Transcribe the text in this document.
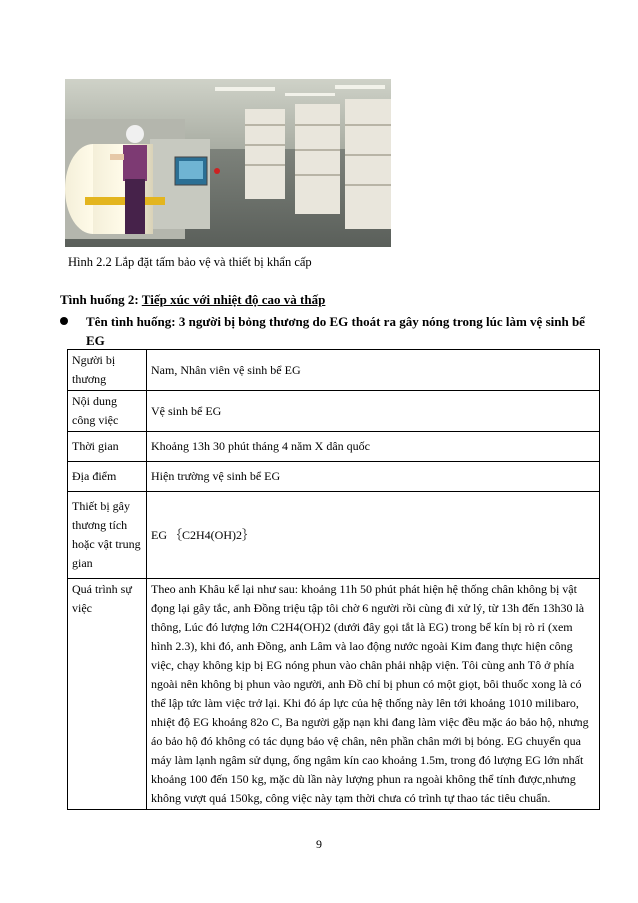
Hình 2.2 Lắp đặt tấm bảo vệ và thiết bị khẩn cấp
Tình huống 2: Tiếp xúc với nhiệt độ cao và thấp
Tên tình huống: 3 người bị bỏng thương do EG thoát ra gây nóng trong lúc làm vệ sinh bể EG
Người bị thương	Nam, Nhân viên vệ sinh bể EG
Nội dung công việc	Vệ sinh bể EG
Thời gian	Khoảng 13h 30 phút tháng 4 năm X dân quốc
Địa điểm	Hiện trường vệ sinh bể EG
Thiết bị gây thương tích hoặc vật trung gian	EG ｛C2H4(OH)2｝
Quá trình sự việc	Theo anh Khâu kể lại như sau: khoảng 11h 50 phút phát hiện hệ thống chân không bị vật đọng lại gây tắc, anh Đồng triệu tập tôi chờ 6 người rồi cùng đi xử lý, từ 13h đến 13h30 là thông, Lúc đó lượng lớn C2H4(OH)2 (dưới đây gọi tắt là EG) trong bể kín bị rò rỉ (xem hình 2.3), khi đó, anh Đồng, anh Lâm và lao động nước ngoài Kim đang thực hiện công việc, chạy không kịp bị EG nóng phun vào chân phải nhập viện. Tôi cùng anh Tô ở phía ngoài nên không bị phun vào người, anh Đồ chỉ bị phun có một giọt, bôi thuốc xong là có thể lập tức làm việc trở lại. Khi đó áp lực của hệ thống này lên tới khoảng 1010 milibaro, nhiệt độ EG khoảng 82o C, Ba người gặp nạn khi đang làm việc đều mặc áo bảo hộ, nhưng áo bảo hộ đó không có tác dụng bảo vệ chân, nên phần chân mới bị bỏng. EG chuyển qua máy làm lạnh ngâm sử dụng, ống ngâm kín cao khoảng 1.5m, trong đó lượng EG lớn nhất khoảng 100 đến 150 kg, mặc dù lần này lượng phun ra ngoài không thể tính được,nhưng không vượt quá 150kg, công việc này tạm thời chưa có trình tự thao tác tiêu chuẩn.
9
